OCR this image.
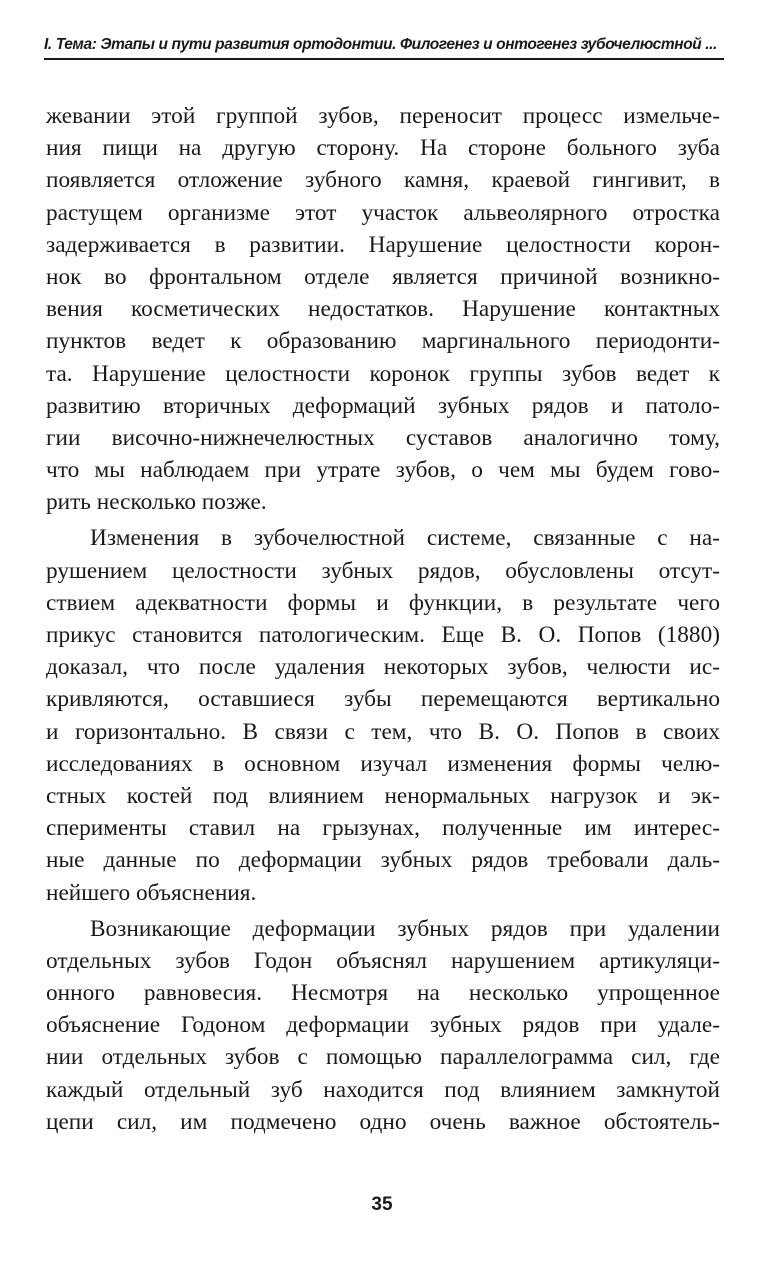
I. Тема: Этапы и пути развития ортодонтии. Филогенез и онтогенез зубочелюстной ...
жевании этой группой зубов, переносит процесс измельче-
ния пищи на другую сторону. На стороне больного зуба
появляется отложение зубного камня, краевой гингивит, в
растущем организме этот участок альвеолярного отростка
задерживается в развитии. Нарушение целостности корон-
нок во фронтальном отделе является причиной возникно-
вения косметических недостатков. Нарушение контактных
пунктов ведет к образованию маргинального периодонти-
та. Нарушение целостности коронок группы зубов ведет к
развитию вторичных деформаций зубных рядов и патоло-
гии височно-нижнечелюстных суставов аналогично тому,
что мы наблюдаем при утрате зубов, о чем мы будем гово-
рить несколько позже.
Изменения в зубочелюстной системе, связанные с на-
рушением целостности зубных рядов, обусловлены отсут-
ствием адекватности формы и функции, в результате чего
прикус становится патологическим. Еще В. О. Попов (1880)
доказал, что после удаления некоторых зубов, челюсти ис-
кривляются, оставшиеся зубы перемещаются вертикально
и горизонтально. В связи с тем, что В. О. Попов в своих
исследованиях в основном изучал изменения формы челю-
стных костей под влиянием ненормальных нагрузок и эк-
сперименты ставил на грызунах, полученные им интерес-
ные данные по деформации зубных рядов требовали даль-
нейшего объяснения.
Возникающие деформации зубных рядов при удалении
отдельных зубов Годон объяснял нарушением артикуляци-
онного равновесия. Несмотря на несколько упрощенное
объяснение Годоном деформации зубных рядов при удале-
нии отдельных зубов с помощью параллелограмма сил, где
каждый отдельный зуб находится под влиянием замкнутой
цепи сил, им подмечено одно очень важное обстоятель-
35
